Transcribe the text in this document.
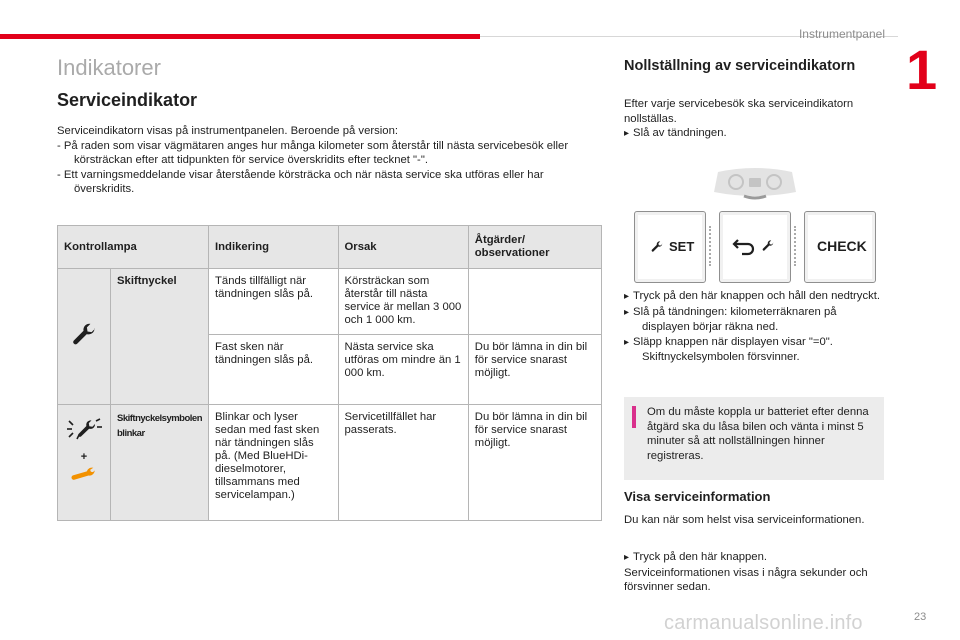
Instrumentpanel
1
Indikatorer
Serviceindikator
Serviceindikatorn visas på instrumentpanelen. Beroende på version:
- På raden som visar vägmätaren anges hur många kilometer som återstår till nästa servicebesök eller körsträckan efter att tidpunkten för service överskridits efter tecknet "-".
- Ett varningsmeddelande visar återstående körsträcka och när nästa service ska utföras eller har överskridits.
Kontrollampa		Indikering	Orsak	Åtgärder/ observationer
	Skiftnyckel	Tänds tillfälligt när tändningen slås på.	Körsträckan som återstår till nästa service är mellan 3 000 och 1 000 km.	
		Fast sken när tändningen slås på.	Nästa service ska utföras om mindre än 1 000 km.	Du bör lämna in din bil för service snarast möjligt.

+	Skiftnyckelsymbolen blinkar	Blinkar och lyser sedan med fast sken när tändningen slås på. (Med BlueHDi-dieselmotorer, tillsammans med servicelampan.)	Servicetillfället har passerats.	Du bör lämna in din bil för service snarast möjligt.
Nollställning av serviceindikatorn
Efter varje servicebesök ska serviceindikatorn nollställas.
▸ Slå av tändningen.
SET	CHECK
▸ Tryck på den här knappen och håll den nedtryckt.
▸ Slå på tändningen: kilometerräknaren på displayen börjar räkna ned.
▸ Släpp knappen när displayen visar "=0". Skiftnyckelsymbolen försvinner.
Om du måste koppla ur batteriet efter denna åtgärd ska du låsa bilen och vänta i minst 5 minuter så att nollställningen hinner registreras.
Visa serviceinformation
Du kan när som helst visa serviceinformationen.
▸ Tryck på den här knappen.
Serviceinformationen visas i några sekunder och försvinner sedan.
carmanualsonline.info	23
